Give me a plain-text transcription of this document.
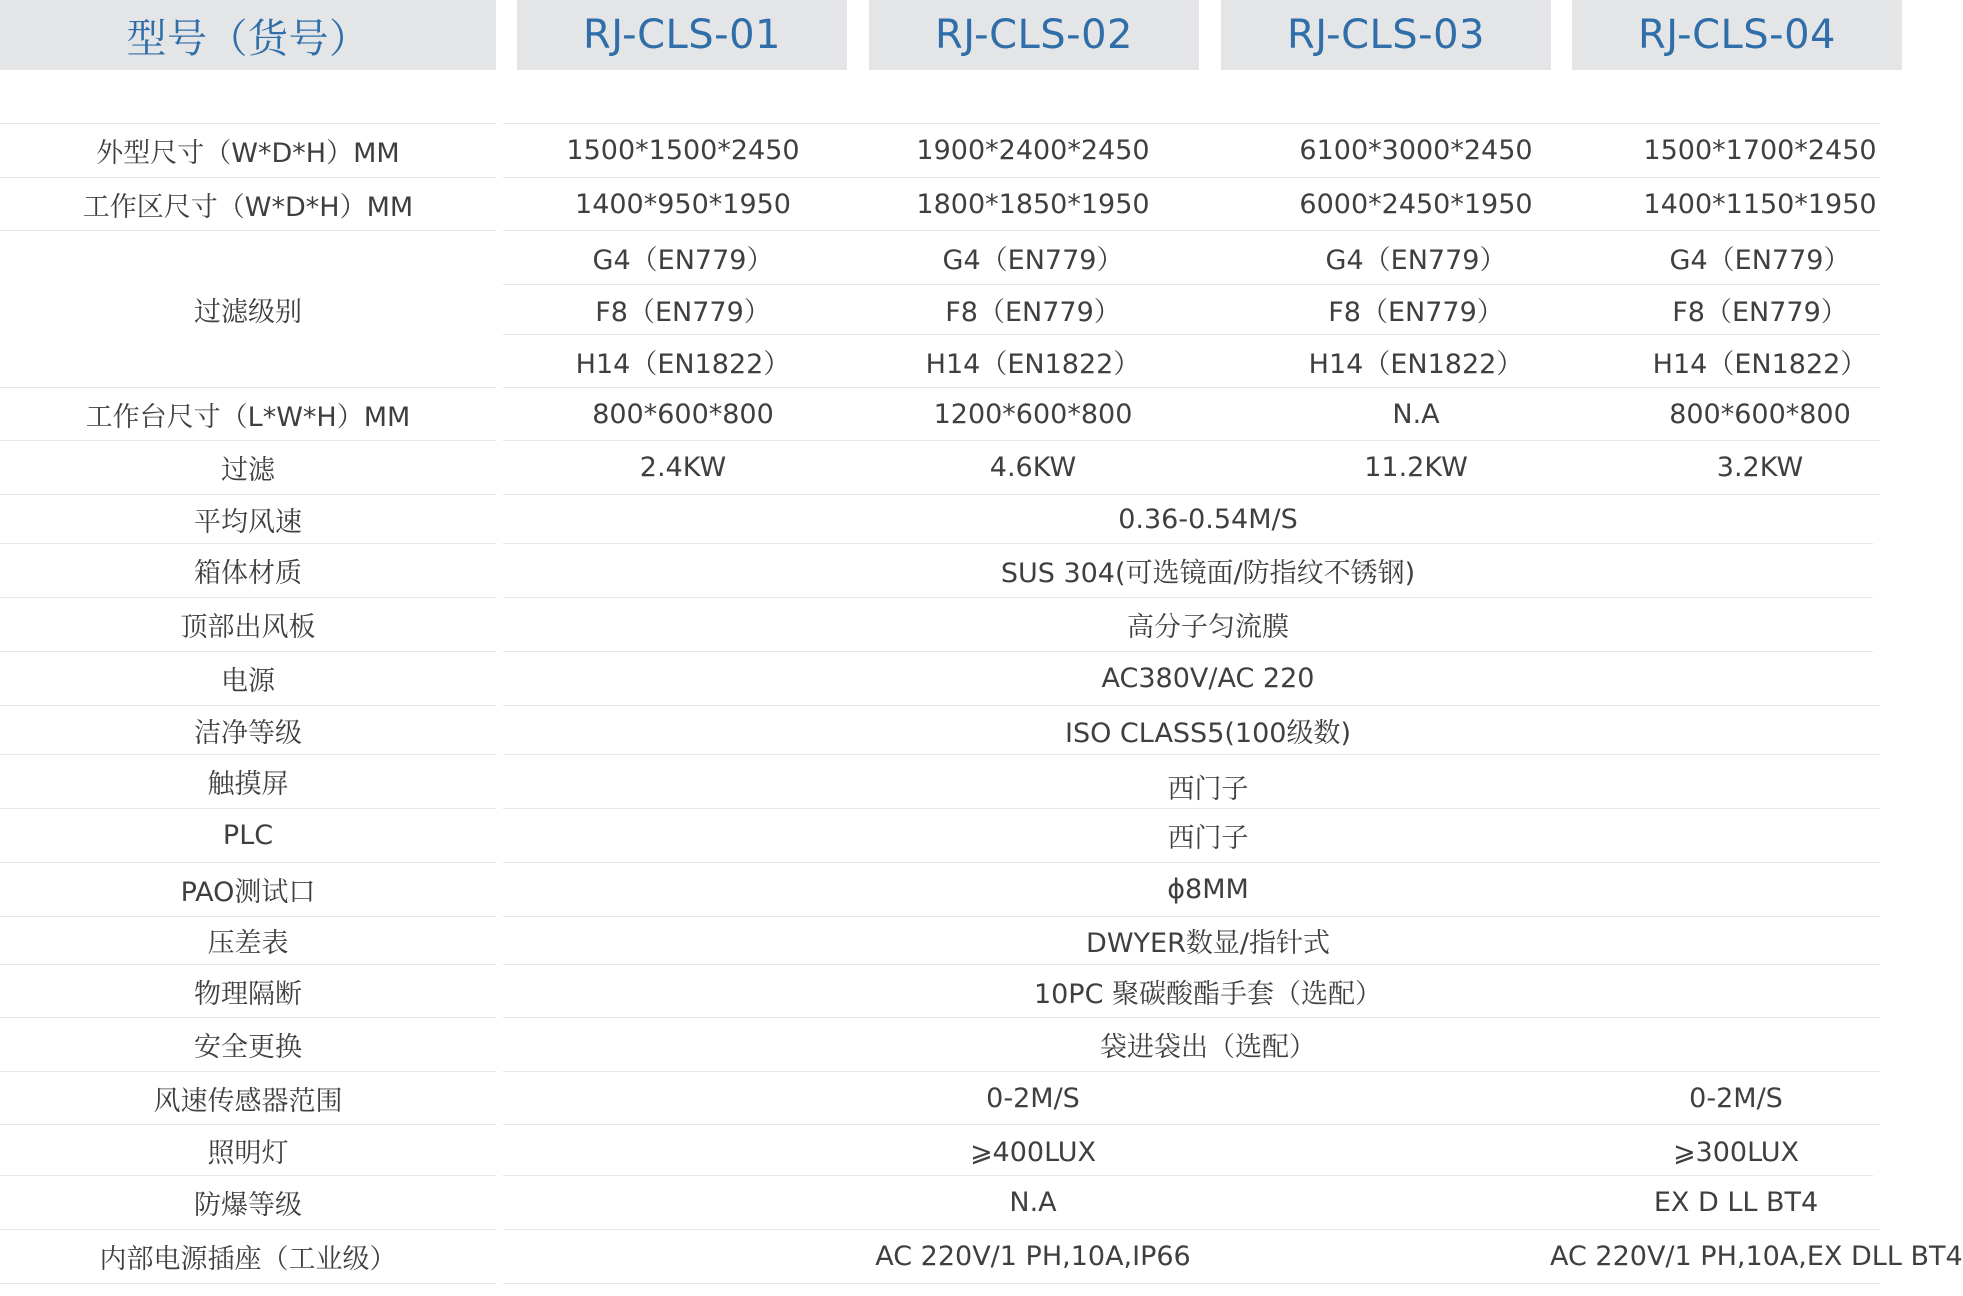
型号（货号）	RJ-CLS-01	RJ-CLS-02	RJ-CLS-03	RJ-CLS-04
外型尺寸（W*D*H）MM	1500*1500*2450	1900*2400*2450	6100*3000*2450	1500*1700*2450
工作区尺寸（W*D*H）MM	1400*950*1950	1800*1850*1950	6000*2450*1950	1400*1150*1950
过滤级别
G4（EN779）	G4（EN779）	G4（EN779）	G4（EN779）
F8（EN779）	F8（EN779）	F8（EN779）	F8（EN779）
H14（EN1822）	H14（EN1822）	H14（EN1822）	H14（EN1822）
工作台尺寸（L*W*H）MM	800*600*800	1200*600*800	N.A	800*600*800
过滤	2.4KW	4.6KW	11.2KW	3.2KW
平均风速	0.36-0.54M/S
箱体材质	SUS 304(可选镜面/防指纹不锈钢)
顶部出风板	高分子匀流膜
电源	AC380V/AC 220
洁净等级	ISO CLASS5(100级数)
触摸屏	西门子
PLC	西门子
PAO测试口	ϕ8MM
压差表	DWYER数显/指针式
物理隔断	10PC 聚碳酸酯手套（选配）
安全更换	袋进袋出（选配）
风速传感器范围	0-2M/S	0-2M/S
照明灯	⩾400LUX	⩾300LUX
防爆等级	N.A	EX D LL BT4
内部电源插座（工业级）	AC 220V/1 PH,10A,IP66	AC 220V/1 PH,10A,EX DLL BT4
